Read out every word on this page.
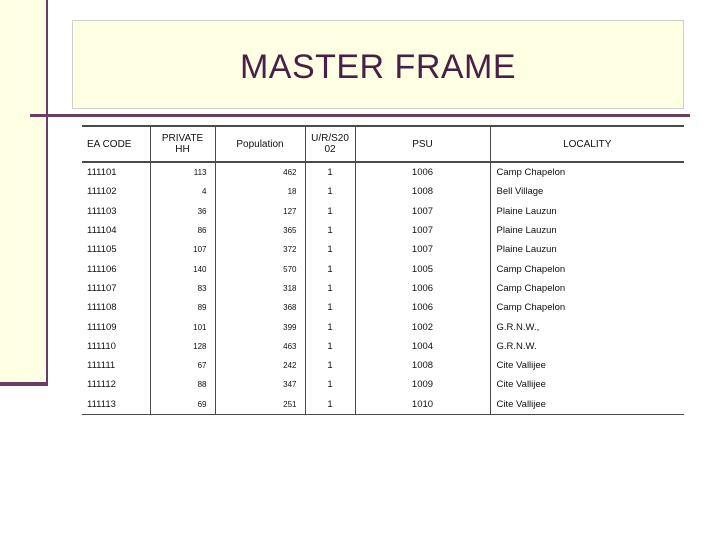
MASTER FRAME
EA CODE	PRIVATE HH	Population	U/R/S20 02	PSU	LOCALITY
111101	113	462	1	1006	Camp Chapelon
111102	4	18	1	1008	Bell Village
111103	36	127	1	1007	Plaine Lauzun
111104	86	365	1	1007	Plaine Lauzun
111105	107	372	1	1007	Plaine Lauzun
111106	140	570	1	1005	Camp Chapelon
111107	83	318	1	1006	Camp Chapelon
111108	89	368	1	1006	Camp Chapelon
111109	101	399	1	1002	G.R.N.W.,
111110	128	463	1	1004	G.R.N.W.
111111	67	242	1	1008	Cite Vallijee
111112	88	347	1	1009	Cite Vallijee
111113	69	251	1	1010	Cite Vallijee
